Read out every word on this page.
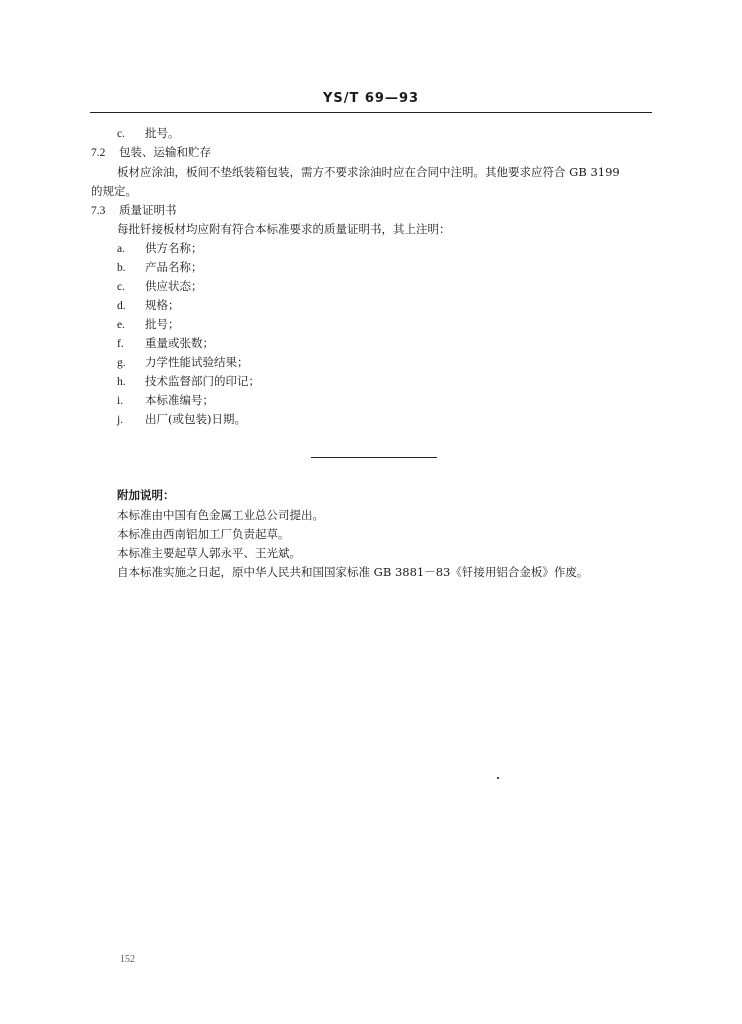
YS/T 69—93
c. 批号。
7.2 包装、运输和贮存
板材应涂油，板间不垫纸装箱包装，需方不要求涂油时应在合同中注明。其他要求应符合 GB 3199
的规定。
7.3 质量证明书
每批钎接板材均应附有符合本标准要求的质量证明书，其上注明：
a. 供方名称；
b. 产品名称；
c. 供应状态；
d. 规格；
e. 批号；
f. 重量或张数；
g. 力学性能试验结果；
h. 技术监督部门的印记；
i. 本标准编号；
j. 出厂(或包装)日期。
附加说明：
本标准由中国有色金属工业总公司提出。
本标准由西南铝加工厂负责起草。
本标准主要起草人郭永平、王光斌。
自本标准实施之日起，原中华人民共和国国家标准 GB 3881－83《钎接用铝合金板》作废。
152
